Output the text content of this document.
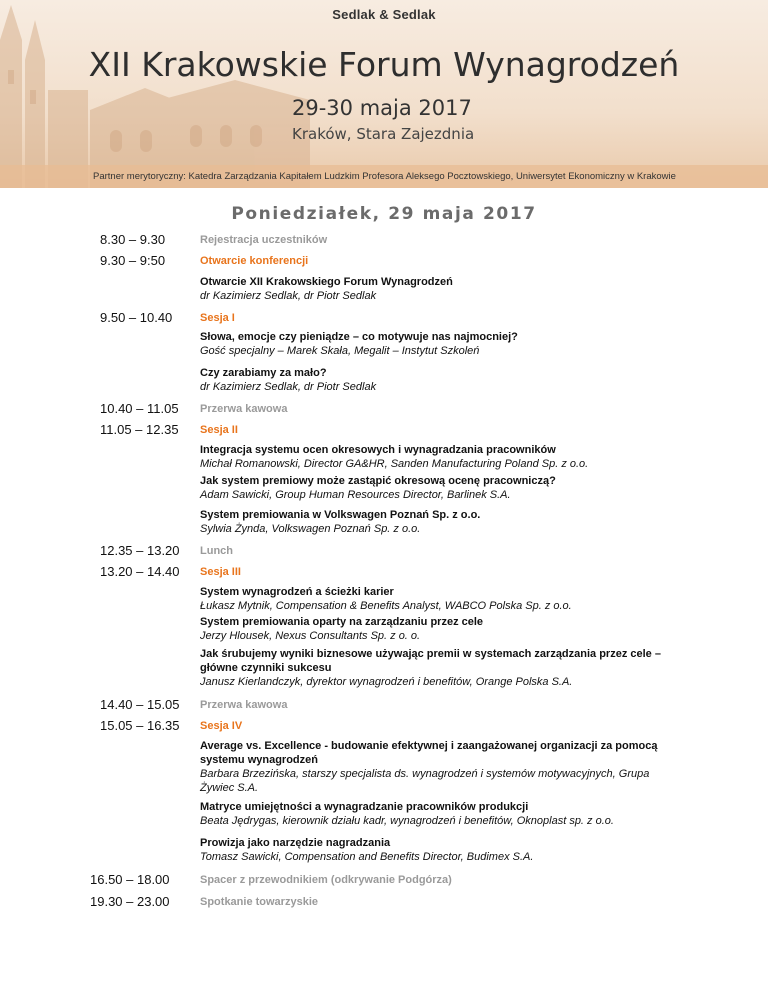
Sedlak & Sedlak
XII Krakowskie Forum Wynagrodzeń
29-30 maja 2017
Kraków, Stara Zajezdnia
Partner merytoryczny: Katedra Zarządzania Kapitałem Ludzkim Profesora Aleksego Pocztowskiego, Uniwersytet Ekonomiczny w Krakowie
Poniedziałek, 29 maja 2017
8.30 – 9.30	Rejestracja uczestników
9.30 – 9:50	Otwarcie konferencji
Otwarcie XII Krakowskiego Forum Wynagrodzeń
dr Kazimierz Sedlak, dr Piotr Sedlak
9.50 – 10.40	Sesja I
Słowa, emocje czy pieniądze – co motywuje nas najmocniej?
Gość specjalny – Marek Skała, Megalit – Instytut Szkoleń
Czy zarabiamy za mało?
dr Kazimierz Sedlak, dr Piotr Sedlak
10.40 – 11.05 Przerwa kawowa
11.05 – 12.35 Sesja II
Integracja systemu ocen okresowych i wynagradzania pracowników
Michał Romanowski, Director GA&HR, Sanden Manufacturing Poland Sp. z o.o.
Jak system premiowy może zastąpić okresową ocenę pracowniczą?
Adam Sawicki, Group Human Resources Director, Barlinek S.A.
System premiowania w Volkswagen Poznań Sp. z o.o.
Sylwia Żynda, Volkswagen Poznań Sp. z o.o.
12.35 – 13.20 Lunch
13.20 – 14.40 Sesja III
System wynagrodzeń a ścieżki karier
Łukasz Mytnik, Compensation & Benefits Analyst, WABCO Polska Sp. z o.o.
System premiowania oparty na zarządzaniu przez cele
Jerzy Hlousek, Nexus Consultants Sp. z o. o.
Jak śrubujemy wyniki biznesowe używając premii w systemach zarządzania przez cele –
główne czynniki sukcesu
Janusz Kierlandczyk, dyrektor wynagrodzeń i benefitów, Orange Polska S.A.
14.40 – 15.05 Przerwa kawowa
15.05 – 16.35 Sesja IV
Average vs. Excellence - budowanie efektywnej i zaangażowanej organizacji za pomocą
systemu wynagrodzeń
Barbara Brzezińska, starszy specjalista ds. wynagrodzeń i systemów motywacyjnych, Grupa
Żywiec S.A.
Matryce umiejętności a wynagradzanie pracowników produkcji
Beata Jędrygas, kierownik działu kadr, wynagrodzeń i benefitów, Oknoplast sp. z o.o.
Prowizja jako narzędzie nagradzania
Tomasz Sawicki, Compensation and Benefits Director, Budimex S.A.
16.50 – 18.00	Spacer z przewodnikiem (odkrywanie Podgórza)
19.30 – 23.00	Spotkanie towarzyskie
